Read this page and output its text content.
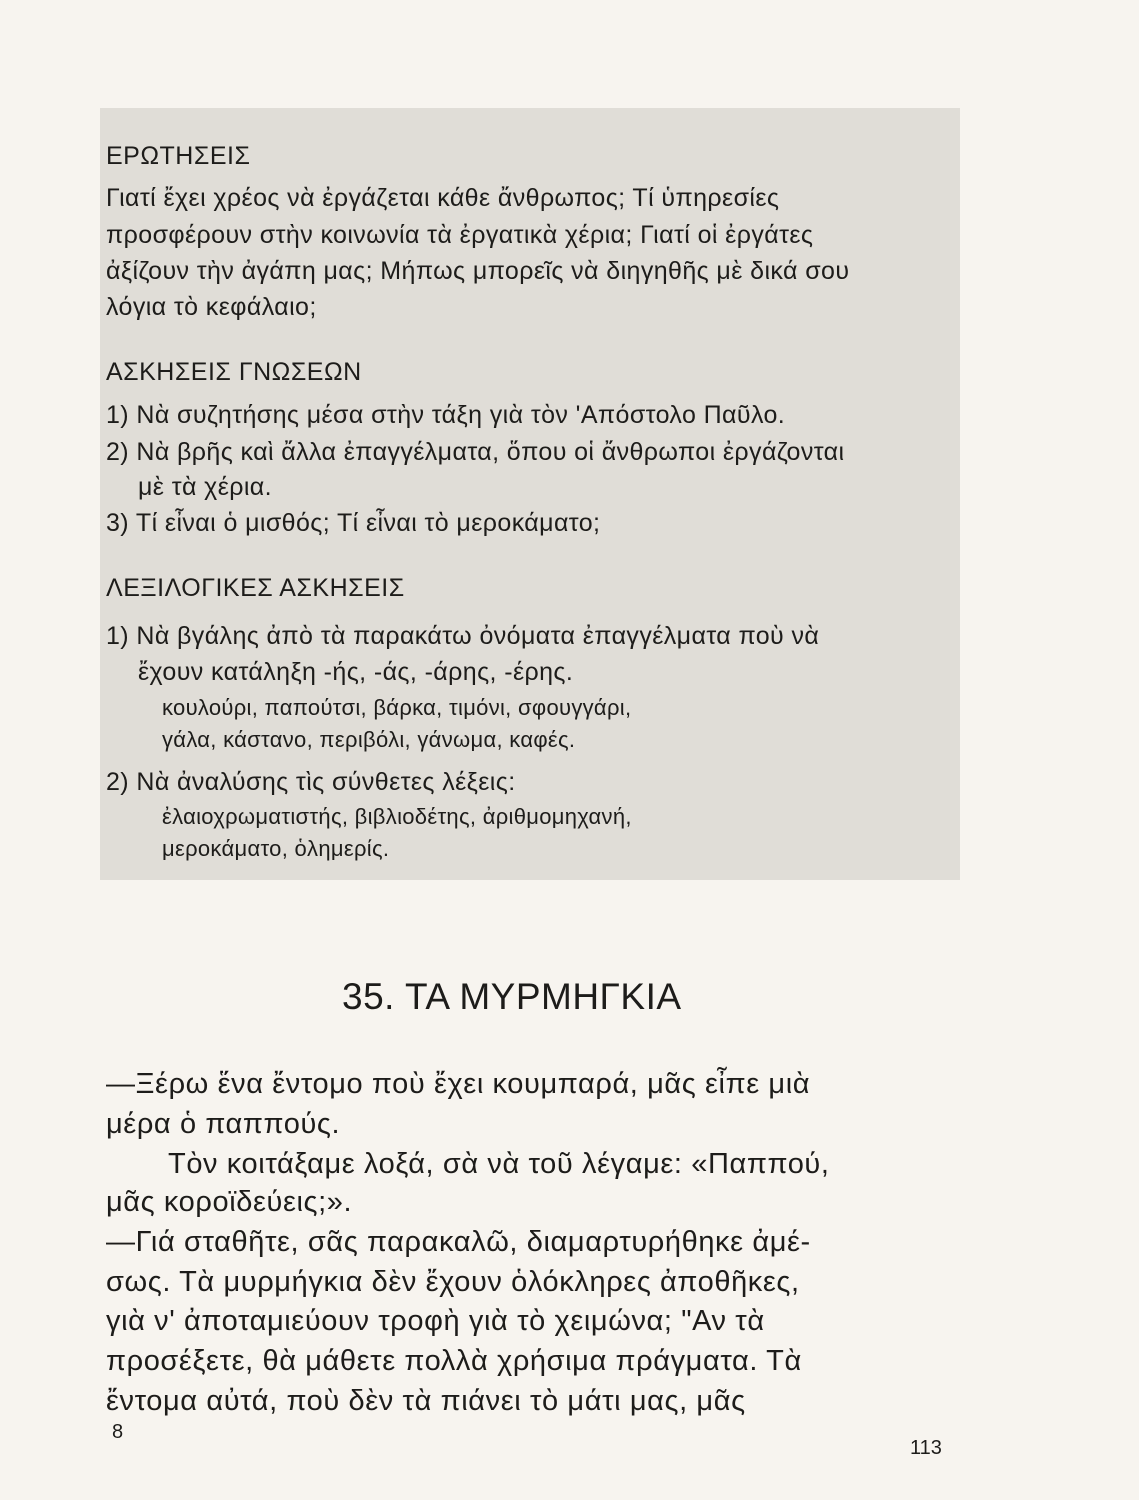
ΕΡΩΤΗΣΕΙΣ
Γιατί ἔχει χρέος νὰ ἐργάζεται κάθε ἄνθρωπος; Τί ὑπηρεσίες
προσφέρουν στὴν κοινωνία τὰ ἐργατικὰ χέρια; Γιατί οἱ ἐργάτες
ἀξίζουν τὴν ἀγάπη μας; Μήπως μπορεῖς νὰ διηγηθῆς μὲ δικά σου
λόγια τὸ κεφάλαιο;
ΑΣΚΗΣΕΙΣ ΓΝΩΣΕΩΝ
1) Νὰ συζητήσης μέσα στὴν τάξη γιὰ τὸν 'Απόστολο Παῦλο.
2) Νὰ βρῆς καὶ ἄλλα ἐπαγγέλματα, ὅπου οἱ ἄνθρωποι ἐργάζονται
μὲ τὰ χέρια.
3) Τί εἶναι ὁ μισθός; Τί εἶναι τὸ μεροκάματο;
ΛΕΞΙΛΟΓΙΚΕΣ ΑΣΚΗΣΕΙΣ
1) Νὰ βγάλης ἀπὸ τὰ παρακάτω ὀνόματα ἐπαγγέλματα ποὺ νὰ
ἔχουν κατάληξη -ής, -άς, -άρης, -έρης.
κουλούρι, παπούτσι, βάρκα, τιμόνι, σφουγγάρι,
γάλα, κάστανο, περιβόλι, γάνωμα, καφές.
2) Νὰ ἀναλύσης τὶς σύνθετες λέξεις:
ἐλαιοχρωματιστής, βιβλιοδέτης, ἀριθμομηχανή,
μεροκάματο, ὁλημερίς.
35. ΤΑ ΜΥΡΜΗΓΚΙΑ
—Ξέρω ἕνα ἔντομο ποὺ ἔχει κουμπαρά, μᾶς εἶπε μιὰ
μέρα ὁ παππούς.
Τὸν κοιτάξαμε λοξά, σὰ νὰ τοῦ λέγαμε: «Παππού,
μᾶς κοροϊδεύεις;».
—Γιά σταθῆτε, σᾶς παρακαλῶ, διαμαρτυρήθηκε ἀμέ-
σως. Τὰ μυρμήγκια δὲν ἔχουν ὁλόκληρες ἀποθῆκες,
γιὰ ν' ἀποταμιεύουν τροφὴ γιὰ τὸ χειμώνα; "Αν τὰ
προσέξετε, θὰ μάθετε πολλὰ χρήσιμα πράγματα. Τὰ
ἔντομα αὐτά, ποὺ δὲν τὰ πιάνει τὸ μάτι μας, μᾶς
8
113
